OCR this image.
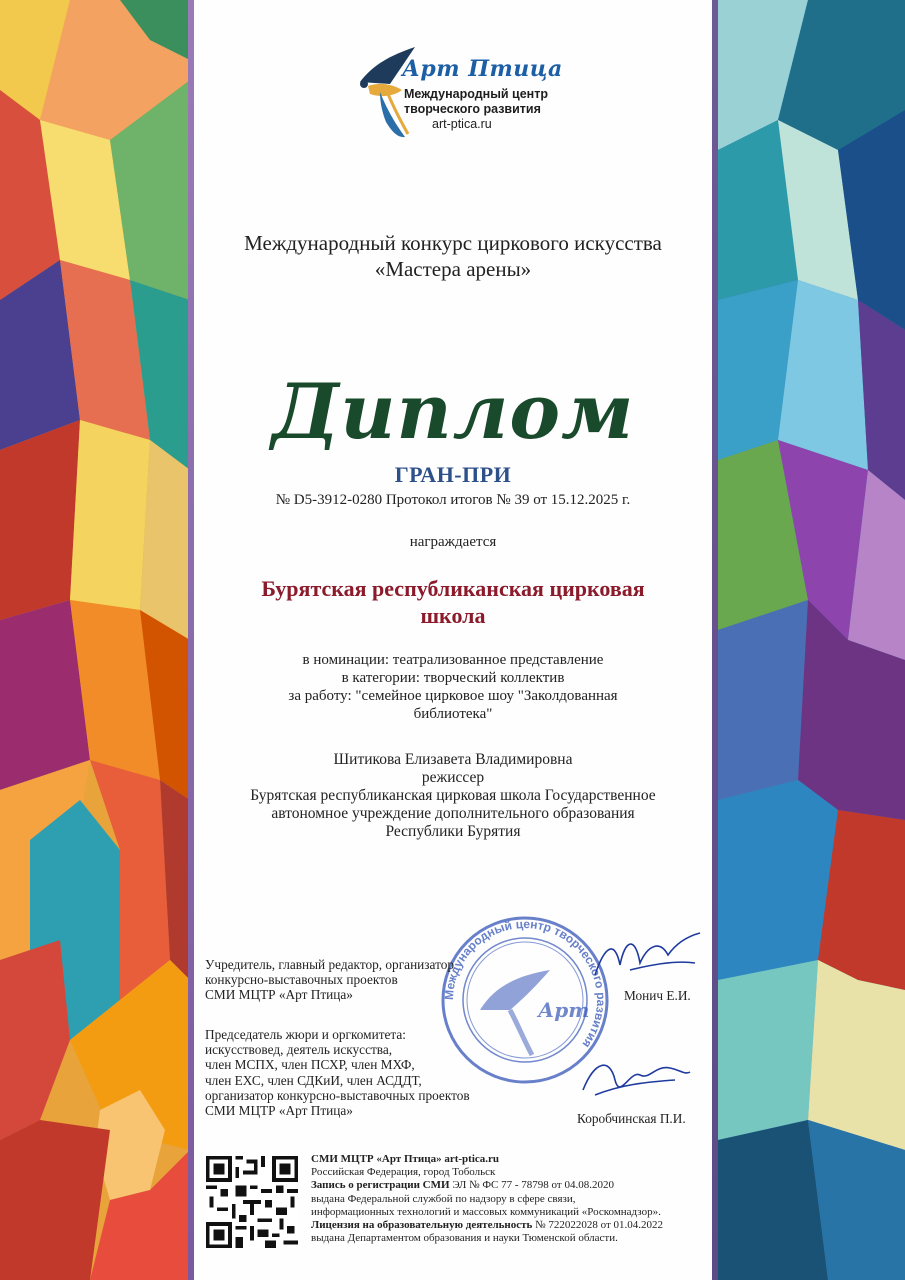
Арт Птица
Международный центр
творческого развития
art-ptica.ru
Международный конкурс циркового искусства
«Мастера арены»
Диплом
ГРАН-ПРИ
№ D5-3912-0280 Протокол итогов № 39 от 15.12.2025 г.
награждается
Бурятская республиканская цирковая
школа
в номинации: театрализованное представление
в категории: творческий коллектив
за работу: "семейное цирковое шоу "Заколдованная
библиотека"
Шитикова Елизавета Владимировна
режиссер
Бурятская республиканская цирковая школа Государственное
автономное учреждение дополнительного образования
Республики Бурятия
Международный центр творческого развития
Арт
Учредитель, главный редактор, организатор
конкурсно-выставочных проектов
СМИ МЦТР «Арт Птица»	Монич Е.И.
Председатель жюри и оргкомитета:
искусствовед, деятель искусства,
член МСПХ, член ПСХР, член МХФ,
член ЕХС, член СДКиИ, член АСДДТ,
организатор конкурсно-выставочных проектов
СМИ МЦТР «Арт Птица»
Коробчинская П.И.
СМИ МЦТР «Арт Птица» art-ptica.ru
Российская Федерация, город Тобольск
Запись о регистрации СМИ ЭЛ № ФС 77 - 78798 от 04.08.2020
выдана Федеральной службой по надзору в сфере связи,
информационных технологий и массовых коммуникаций «Роскомнадзор».
Лицензия на образовательную деятельность № 722022028 от 01.04.2022
выдана Департаментом образования и науки Тюменской области.
